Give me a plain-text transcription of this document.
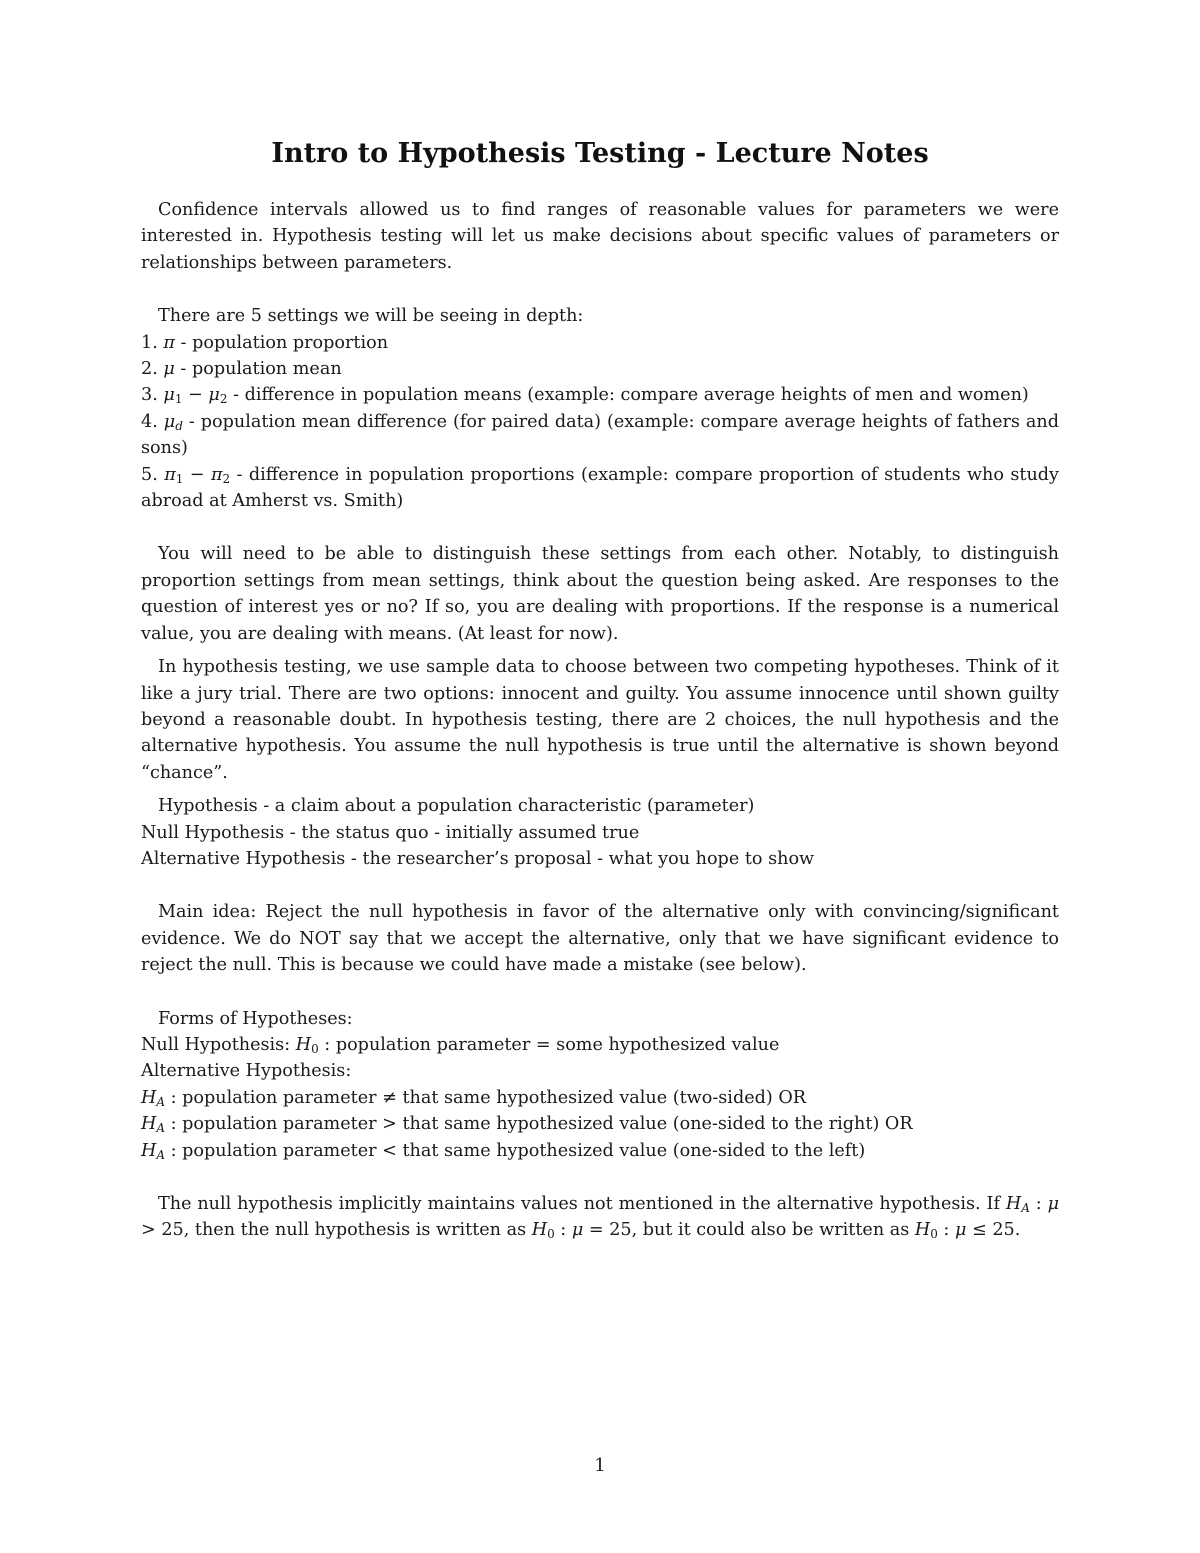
Intro to Hypothesis Testing - Lecture Notes

Confidence intervals allowed us to find ranges of reasonable values for parameters we were interested in. Hypothesis testing will let us make decisions about specific values of parameters or relationships between parameters.

There are 5 settings we will be seeing in depth:

1. π - population proportion

2. μ - population mean

3. $\mu_1 - \mu_2$ - difference in population means (example: compare average heights of men and women)

4. $\mu_d$ - population mean difference (for paired data) (example: compare average heights of fathers and sons)

5. $\pi_1 - \pi_2$ - difference in population proportions (example: compare proportion of students who study abroad at Amherst vs. Smith)

You will need to be able to distinguish these settings from each other. Notably, to distinguish proportion settings from mean settings, think about the question being asked. Are responses to the question of interest yes or no? If so, you are dealing with proportions. If the response is a numerical value, you are dealing with means. (At least for now).

In hypothesis testing, we use sample data to choose between two competing hypotheses. Think of it like a jury trial. There are two options: innocent and guilty. You assume innocence until shown guilty beyond a reasonable doubt. In hypothesis testing, there are 2 choices, the null hypothesis and the alternative hypothesis. You assume the null hypothesis is true until the alternative is shown beyond “chance”.

Hypothesis - a claim about a population characteristic (parameter)

Null Hypothesis - the status quo - initially assumed true

Alternative Hypothesis - the researcher’s proposal - what you hope to show

Main idea: Reject the null hypothesis in favor of the alternative only with convincing/significant evidence. We do NOT say that we accept the alternative, only that we have significant evidence to reject the null. This is because we could have made a mistake (see below).

Forms of Hypotheses:

Null Hypothesis: $H_0$ : population parameter = some hypothesized value

Alternative Hypothesis:

$H_A$ : population parameter ≠ that same hypothesized value (two-sided) OR

$H_A$ : population parameter > that same hypothesized value (one-sided to the right) OR

$H_A$ : population parameter < that same hypothesized value (one-sided to the left)

The null hypothesis implicitly maintains values not mentioned in the alternative hypothesis. If $H_A$ : μ > 25, then the null hypothesis is written as $H_0$ : μ = 25, but it could also be written as $H_0$ : μ ≤ 25.

1
